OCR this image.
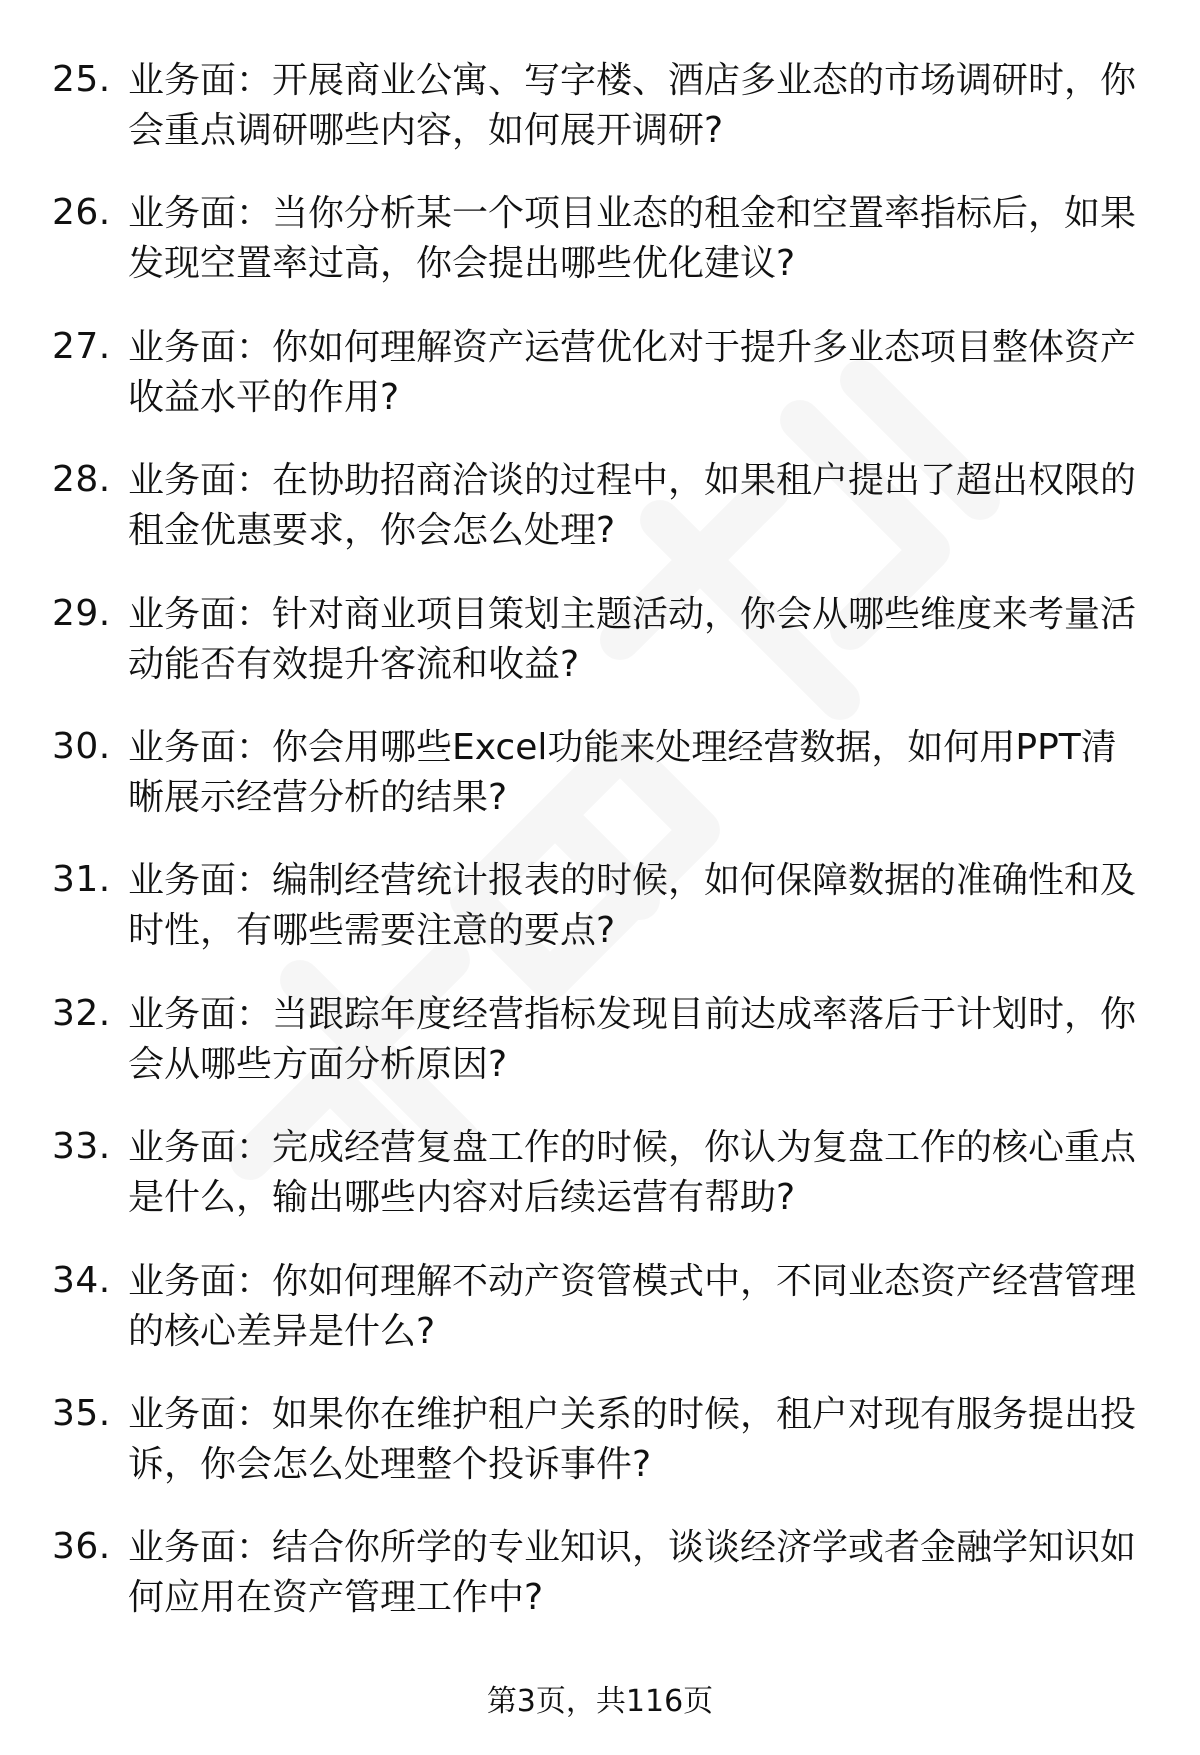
25. 业务面：开展商业公寓、写字楼、酒店多业态的市场调研时，你会重点调研哪些内容，如何展开调研?
26. 业务面：当你分析某一个项目业态的租金和空置率指标后，如果发现空置率过高，你会提出哪些优化建议?
27. 业务面：你如何理解资产运营优化对于提升多业态项目整体资产收益水平的作用?
28. 业务面：在协助招商洽谈的过程中，如果租户提出了超出权限的租金优惠要求，你会怎么处理?
29. 业务面：针对商业项目策划主题活动，你会从哪些维度来考量活动能否有效提升客流和收益?
30. 业务面：你会用哪些Excel功能来处理经营数据，如何用PPT清晰展示经营分析的结果?
31. 业务面：编制经营统计报表的时候，如何保障数据的准确性和及时性，有哪些需要注意的要点?
32. 业务面：当跟踪年度经营指标发现目前达成率落后于计划时，你会从哪些方面分析原因?
33. 业务面：完成经营复盘工作的时候，你认为复盘工作的核心重点是什么，输出哪些内容对后续运营有帮助?
34. 业务面：你如何理解不动产资管模式中，不同业态资产经营管理的核心差异是什么?
35. 业务面：如果你在维护租户关系的时候，租户对现有服务提出投诉，你会怎么处理整个投诉事件?
36. 业务面：结合你所学的专业知识，谈谈经济学或者金融学知识如何应用在资产管理工作中?
第3页，共116页
